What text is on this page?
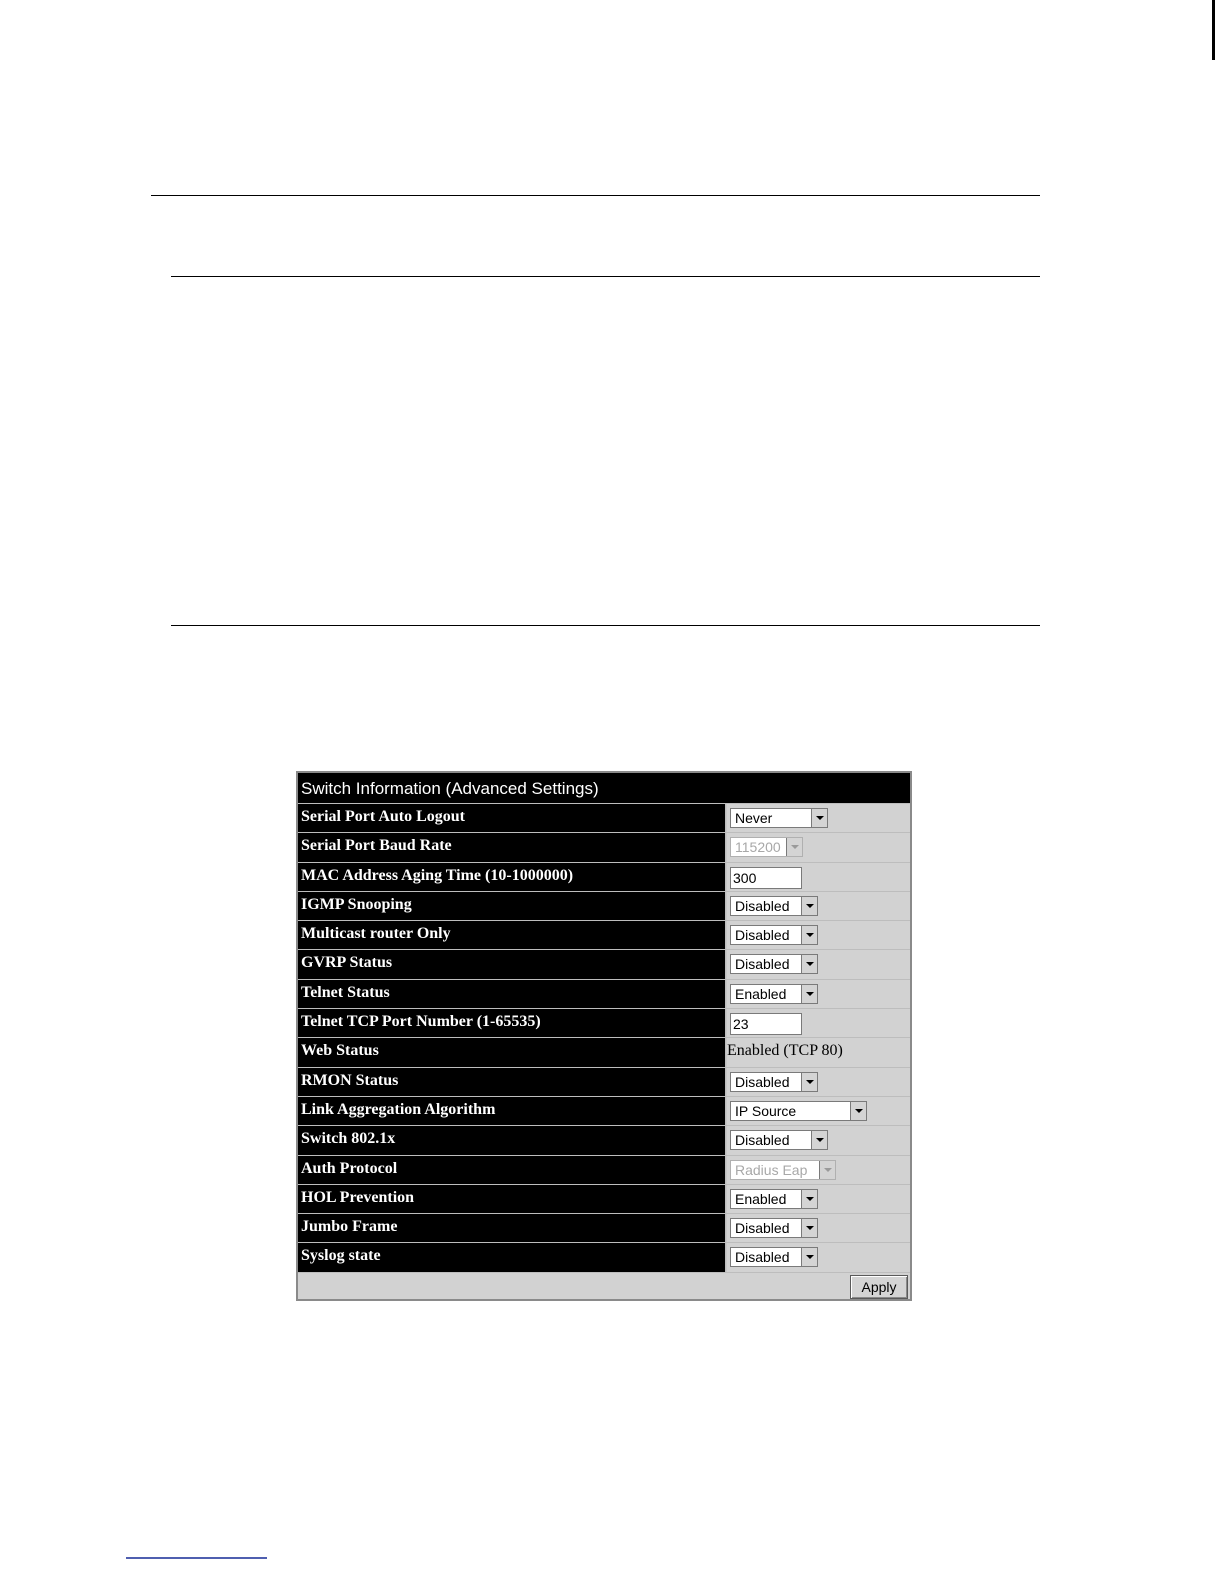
Switch Information (Advanced Settings)
Serial Port Auto Logout	Never
Serial Port Baud Rate	115200
MAC Address Aging Time (10-1000000)	300
IGMP Snooping	Disabled
Multicast router Only	Disabled
GVRP Status	Disabled
Telnet Status	Enabled
Telnet TCP Port Number (1-65535)	23
Web Status	Enabled (TCP 80)
RMON Status	Disabled
Link Aggregation Algorithm	IP Source
Switch 802.1x	Disabled
Auth Protocol	Radius Eap
HOL Prevention	Enabled
Jumbo Frame	Disabled
Syslog state	Disabled
Apply
